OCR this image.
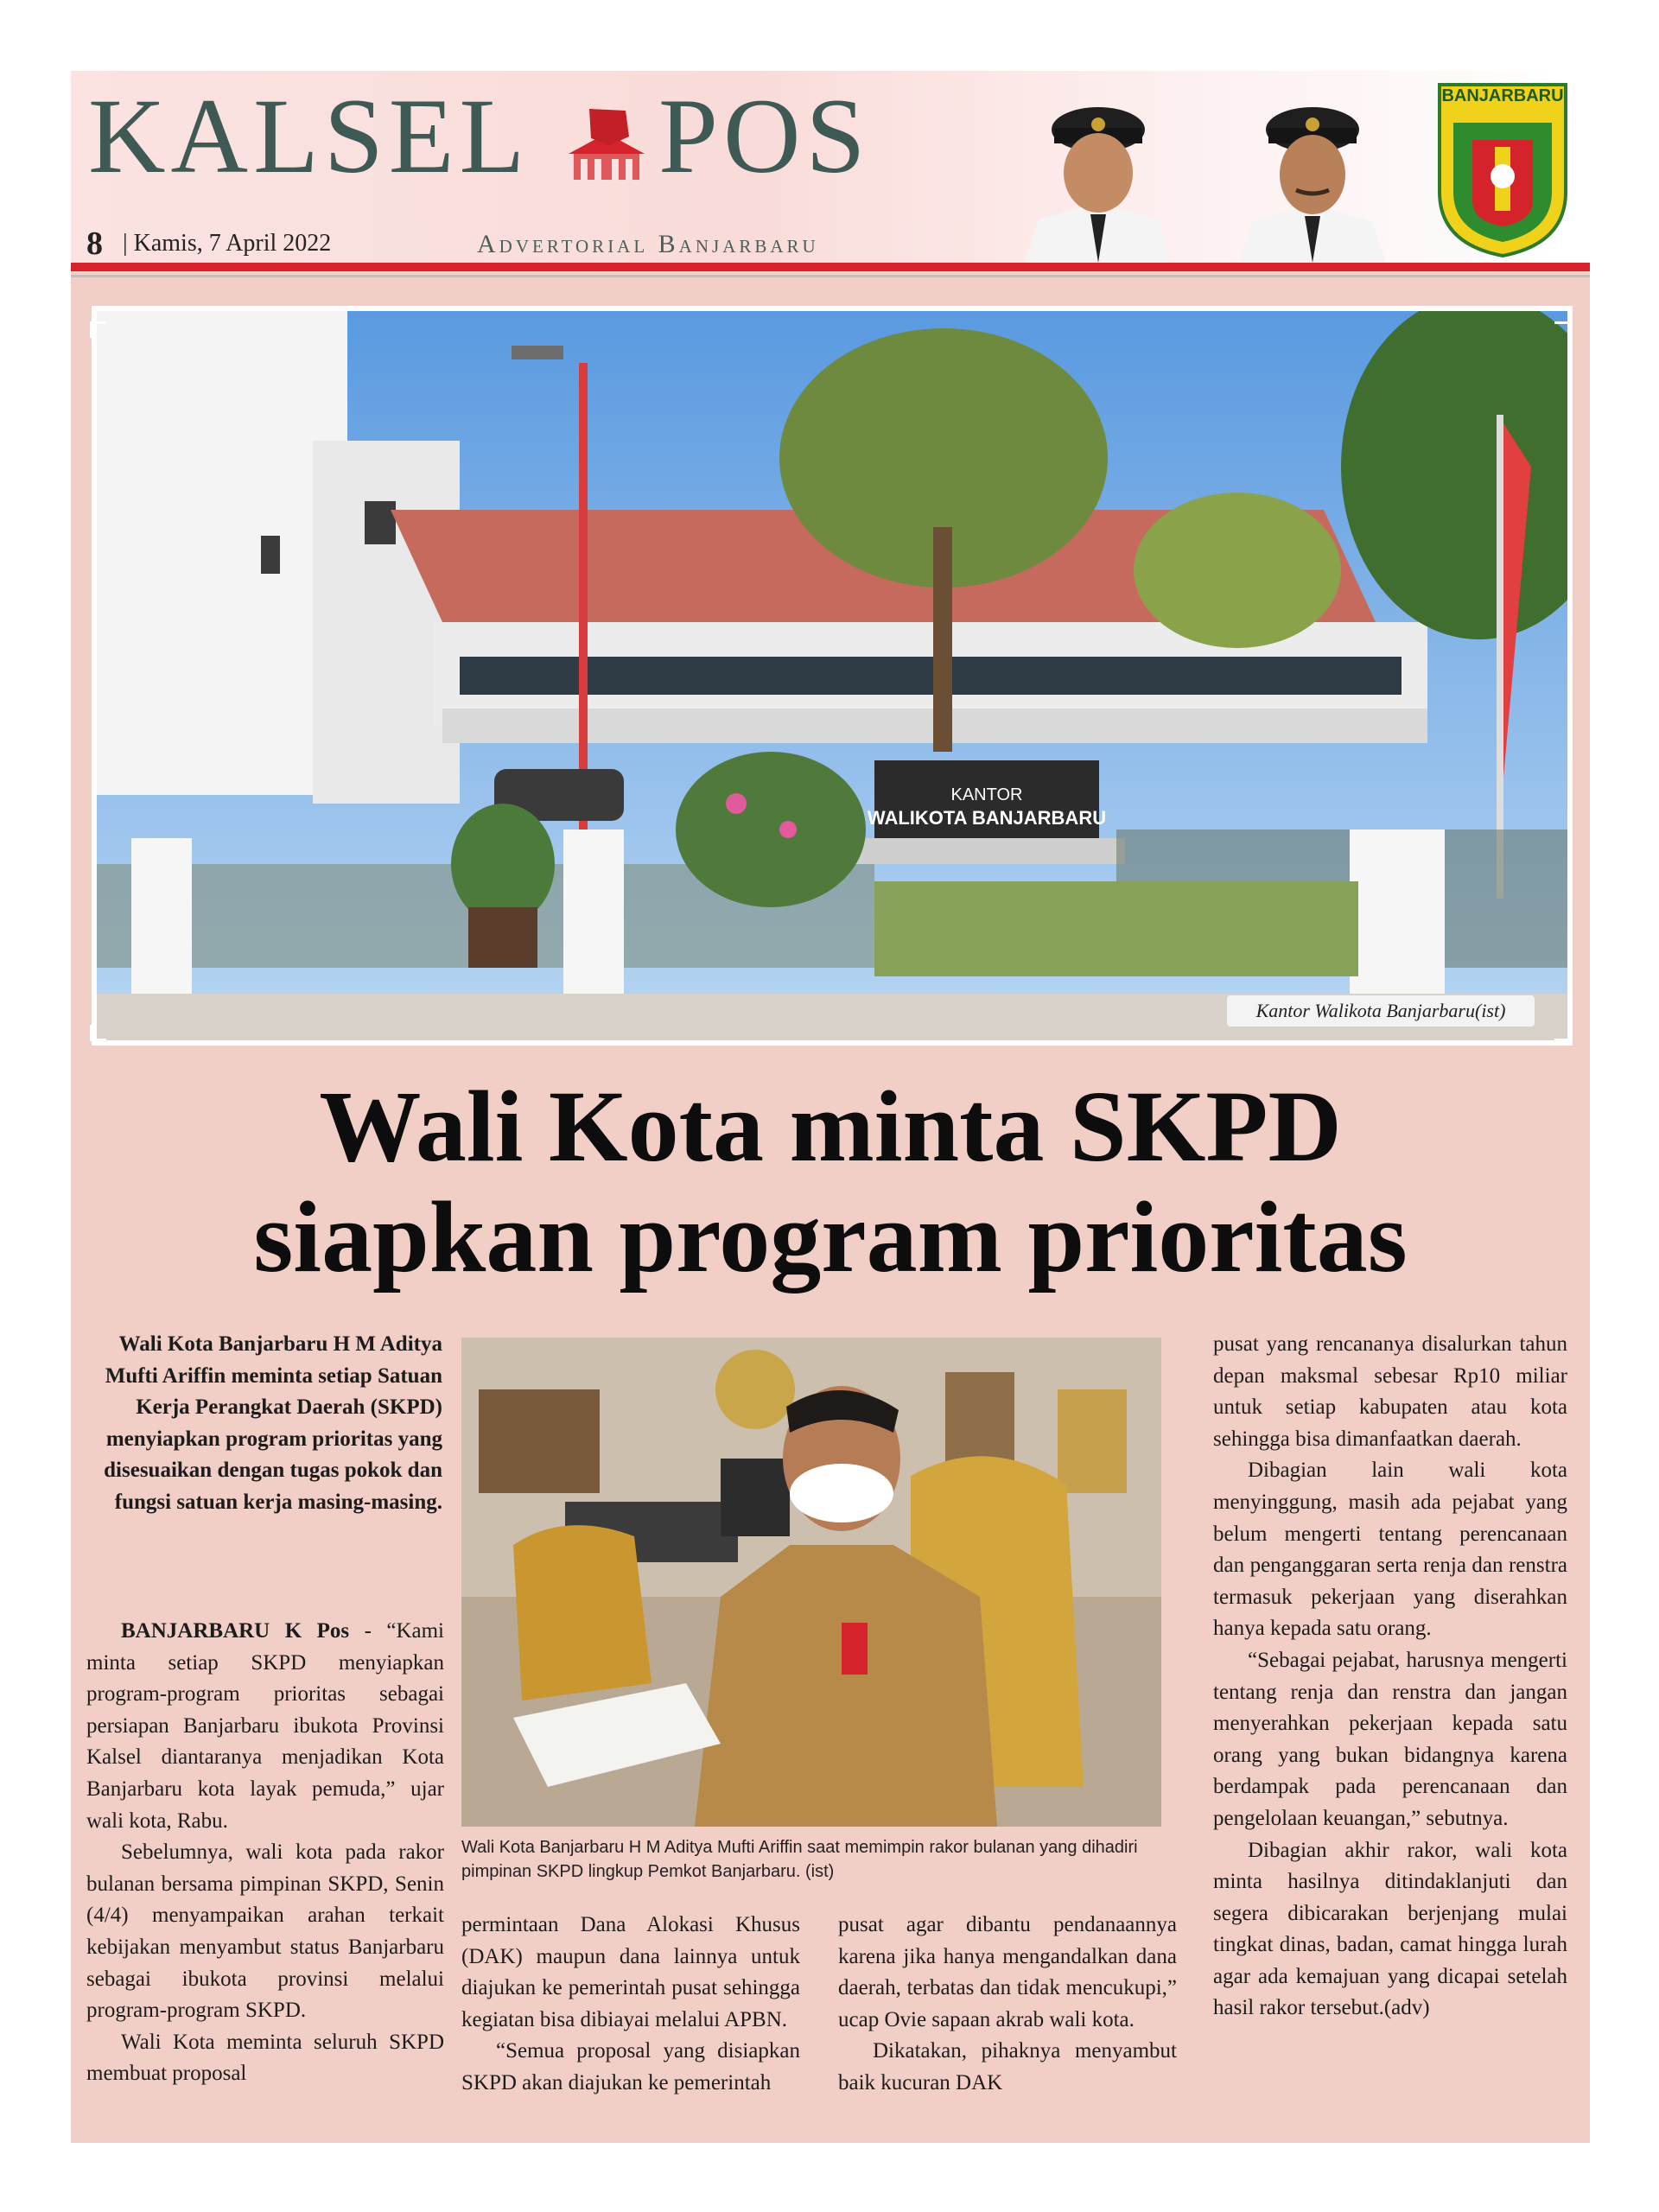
KALSEL POS
8 | Kamis, 7 April 2022	Advertorial Banjarbaru
BANJARBARU
KANTOR
WALIKOTA BANJARBARU
Kantor Walikota Banjarbaru(ist)
Wali Kota minta SKPD
siapkan program prioritas
Wali Kota Banjarbaru H M Aditya Mufti Ariffin meminta setiap Satuan Kerja Perangkat Daerah (SKPD) menyiapkan program prioritas yang disesuaikan dengan tugas pokok dan fungsi satuan kerja masing-masing.

BANJARBARU K Pos - “Kami minta setiap SKPD menyiapkan program-program prioritas sebagai persiapan Banjarbaru ibukota Provinsi Kalsel diantaranya menjadikan Kota Banjarbaru kota layak pemuda,” ujar wali kota, Rabu.

Sebelumnya, wali kota pada rakor bulanan bersama pimpinan SKPD, Senin (4/4) menyampaikan arahan terkait kebijakan menyambut status Banjarbaru sebagai ibukota provinsi melalui program-program SKPD.

Wali Kota meminta seluruh SKPD membuat proposal

Wali Kota Banjarbaru H M Aditya Mufti Ariffin saat memimpin rakor bulanan yang dihadiri pimpinan SKPD lingkup Pemkot Banjarbaru. (ist)

permintaan Dana Alokasi Khusus (DAK) maupun dana lainnya untuk diajukan ke pemerintah pusat sehingga kegiatan bisa dibiayai melalui APBN.

“Semua proposal yang disiapkan SKPD akan diajukan ke pemerintah

pusat agar dibantu pendanaannya karena jika hanya mengandalkan dana daerah, terbatas dan tidak mencukupi,” ucap Ovie sapaan akrab wali kota.

Dikatakan, pihaknya menyambut baik kucuran DAK

pusat yang rencananya disalurkan tahun depan maksmal sebesar Rp10 miliar untuk setiap kabupaten atau kota sehingga bisa dimanfaatkan daerah.

Dibagian lain wali kota menyinggung, masih ada pejabat yang belum mengerti tentang perencanaan dan penganggaran serta renja dan renstra termasuk pekerjaan yang diserahkan hanya kepada satu orang.

“Sebagai pejabat, harusnya mengerti tentang renja dan renstra dan jangan menyerahkan pekerjaan kepada satu orang yang bukan bidangnya karena berdampak pada perencanaan dan pengelolaan keuangan,” sebutnya.

Dibagian akhir rakor, wali kota minta hasilnya ditindaklanjuti dan segera dibicarakan berjenjang mulai tingkat dinas, badan, camat hingga lurah agar ada kemajuan yang dicapai setelah hasil rakor tersebut.(adv)
